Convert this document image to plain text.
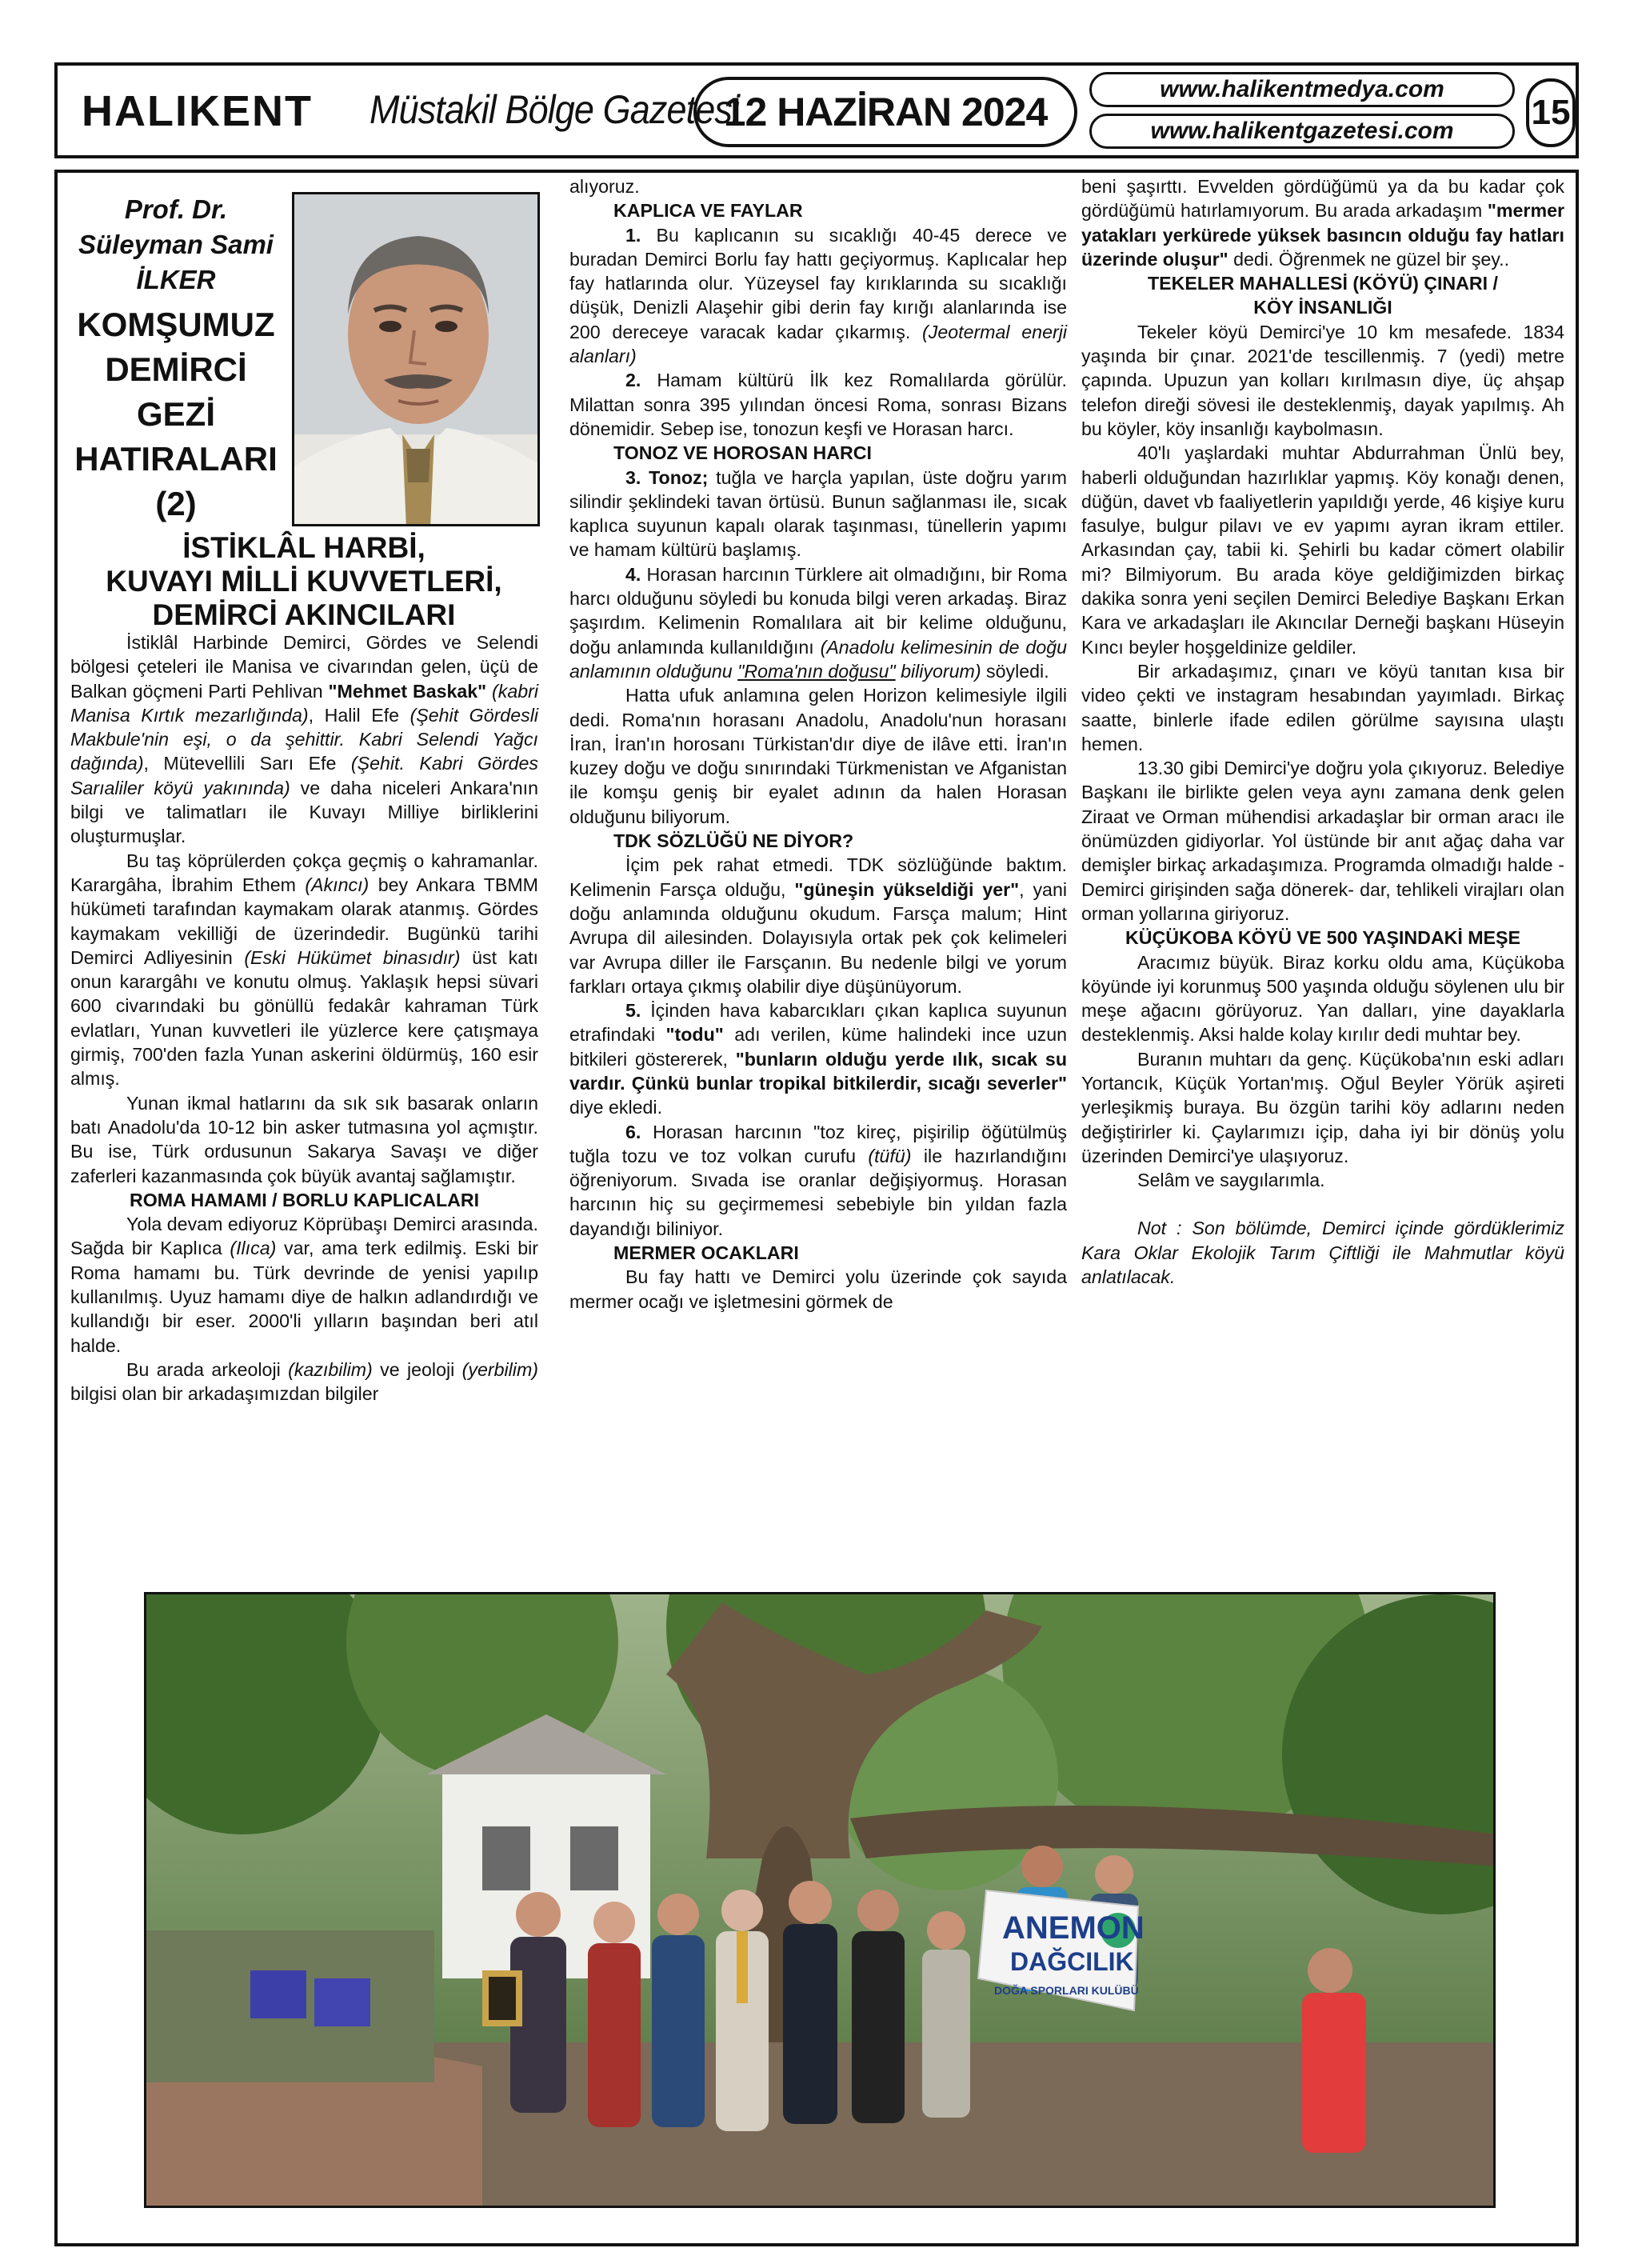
HALIKENT Müstakil Bölge Gazetesi
12 HAZİRAN 2024
www.halikentmedya.com
www.halikentgazetesi.com	15
Prof. Dr.
Süleyman Sami
İLKER
KOMŞUMUZ
DEMİRCİ
GEZİ
HATIRALARI
(2)
İSTİKLÂL HARBİ,
KUVAYI MİLLİ KUVVETLERİ,
DEMİRCİ AKINCILARI

İstiklâl Harbinde Demirci, Gördes ve Selendi bölgesi çeteleri ile Manisa ve civarından gelen, üçü de Balkan göçmeni Parti Pehlivan "Mehmet Baskak" (kabri Manisa Kırtık mezarlığında), Halil Efe (Şehit Gördesli Makbule'nin eşi, o da şehittir. Kabri Selendi Yağcı dağında), Mütevellili Sarı Efe (Şehit. Kabri Gördes Sarıaliler köyü yakınında) ve daha niceleri Ankara'nın bilgi ve talimatları ile Kuvayı Milliye birliklerini oluşturmuşlar.

Bu taş köprülerden çokça geçmiş o kahramanlar. Karargâha, İbrahim Ethem (Akıncı) bey Ankara TBMM hükümeti tarafından kaymakam olarak atanmış. Gördes kaymakam vekilliği de üzerindedir. Bugünkü tarihi Demirci Adliyesinin (Eski Hükümet binasıdır) üst katı onun karargâhı ve konutu olmuş. Yaklaşık hepsi süvari 600 civarındaki bu gönüllü fedakâr kahraman Türk evlatları, Yunan kuvvetleri ile yüzlerce kere çatışmaya girmiş, 700'den fazla Yunan askerini öldürmüş, 160 esir almış.

Yunan ikmal hatlarını da sık sık basarak onların batı Anadolu'da 10-12 bin asker tutmasına yol açmıştır. Bu ise, Türk ordusunun Sakarya Savaşı ve diğer zaferleri kazanmasında çok büyük avantaj sağlamıştır.

ROMA HAMAMI / BORLU KAPLICALARI

Yola devam ediyoruz Köprübaşı Demirci arasında. Sağda bir Kaplıca (Ilıca) var, ama terk edilmiş. Eski bir Roma hamamı bu. Türk devrinde de yenisi yapılıp kullanılmış. Uyuz hamamı diye de halkın adlandırdığı ve kullandığı bir eser. 2000'li yılların başından beri atıl halde.

Bu arada arkeoloji (kazıbilim) ve jeoloji (yerbilim) bilgisi olan bir arkadaşımızdan bilgiler

alıyoruz.

KAPLICA VE FAYLAR

1. Bu kaplıcanın su sıcaklığı 40-45 derece ve buradan Demirci Borlu fay hattı geçiyormuş. Kaplıcalar hep fay hatlarında olur. Yüzeysel fay kırıklarında su sıcaklığı düşük, Denizli Alaşehir gibi derin fay kırığı alanlarında ise 200 dereceye varacak kadar çıkarmış. (Jeotermal enerji alanları)

2. Hamam kültürü İlk kez Romalılarda görülür. Milattan sonra 395 yılından öncesi Roma, sonrası Bizans dönemidir. Sebep ise, tonozun keşfi ve Horasan harcı.

TONOZ VE HOROSAN HARCI

3. Tonoz; tuğla ve harçla yapılan, üste doğru yarım silindir şeklindeki tavan örtüsü. Bunun sağlanması ile, sıcak kaplıca suyunun kapalı olarak taşınması, tünellerin yapımı ve hamam kültürü başlamış.

4. Horasan harcının Türklere ait olmadığını, bir Roma harcı olduğunu söyledi bu konuda bilgi veren arkadaş. Biraz şaşırdım. Kelimenin Romalılara ait bir kelime olduğunu, doğu anlamında kullanıldığını (Anadolu kelimesinin de doğu anlamının olduğunu "Roma'nın doğusu" biliyorum) söyledi.

Hatta ufuk anlamına gelen Horizon kelimesiyle ilgili dedi. Roma'nın horasanı Anadolu, Anadolu'nun horasanı İran, İran'ın horosanı Türkistan'dır diye de ilâve etti. İran'ın kuzey doğu ve doğu sınırındaki Türkmenistan ve Afganistan ile komşu geniş bir eyalet adının da halen Horasan olduğunu biliyorum.

TDK SÖZLÜĞÜ NE DİYOR?

İçim pek rahat etmedi. TDK sözlüğünde baktım. Kelimenin Farsça olduğu, "güneşin yükseldiği yer", yani doğu anlamında olduğunu okudum. Farsça malum; Hint Avrupa dil ailesinden. Dolayısıyla ortak pek çok kelimeleri var Avrupa diller ile Farsçanın. Bu nedenle bilgi ve yorum farkları ortaya çıkmış olabilir diye düşünüyorum.

5. İçinden hava kabarcıkları çıkan kaplıca suyunun etrafindaki "todu" adı verilen, küme halindeki ince uzun bitkileri göstererek, "bunların olduğu yerde ılık, sıcak su vardır. Çünkü bunlar tropikal bitkilerdir, sıcağı severler" diye ekledi.

6. Horasan harcının "toz kireç, pişirilip öğütülmüş tuğla tozu ve toz volkan curufu (tüfü) ile hazırlandığını öğreniyorum. Sıvada ise oranlar değişiyormuş. Horasan harcının hiç su geçirmemesi sebebiyle bin yıldan fazla dayandığı biliniyor.

MERMER OCAKLARI

Bu fay hattı ve Demirci yolu üzerinde çok sayıda mermer ocağı ve işletmesini görmek de

beni şaşırttı. Evvelden gördüğümü ya da bu kadar çok gördüğümü hatırlamıyorum. Bu arada arkadaşım "mermer yatakları yerkürede yüksek basıncın olduğu fay hatları üzerinde oluşur" dedi. Öğrenmek ne güzel bir şey..

TEKELER MAHALLESİ (KÖYÜ) ÇINARI /
KÖY İNSANLIĞI

Tekeler köyü Demirci'ye 10 km mesafede. 1834 yaşında bir çınar. 2021'de tescillenmiş. 7 (yedi) metre çapında. Upuzun yan kolları kırılmasın diye, üç ahşap telefon direği sövesi ile desteklenmiş, dayak yapılmış. Ah bu köyler, köy insanlığı kaybolmasın.

40'lı yaşlardaki muhtar Abdurrahman Ünlü bey, haberli olduğundan hazırlıklar yapmış. Köy konağı denen, düğün, davet vb faaliyetlerin yapıldığı yerde, 46 kişiye kuru fasulye, bulgur pilavı ve ev yapımı ayran ikram ettiler. Arkasından çay, tabii ki. Şehirli bu kadar cömert olabilir mi? Bilmiyorum. Bu arada köye geldiğimizden birkaç dakika sonra yeni seçilen Demirci Belediye Başkanı Erkan Kara ve arkadaşları ile Akıncılar Derneği başkanı Hüseyin Kıncı beyler hoşgeldinize geldiler.

Bir arkadaşımız, çınarı ve köyü tanıtan kısa bir video çekti ve instagram hesabından yayımladı. Birkaç saatte, binlerle ifade edilen görülme sayısına ulaştı hemen.

13.30 gibi Demirci'ye doğru yola çıkıyoruz. Belediye Başkanı ile birlikte gelen veya aynı zamana denk gelen Ziraat ve Orman mühendisi arkadaşlar bir orman aracı ile önümüzden gidiyorlar. Yol üstünde bir anıt ağaç daha var demişler birkaç arkadaşımıza. Programda olmadığı halde -Demirci girişinden sağa dönerek- dar, tehlikeli virajları olan orman yollarına giriyoruz.

KÜÇÜKOBA KÖYÜ VE 500 YAŞINDAKİ MEŞE

Aracımız büyük. Biraz korku oldu ama, Küçükoba köyünde iyi korunmuş 500 yaşında olduğu söylenen ulu bir meşe ağacını görüyoruz. Yan dalları, yine dayaklarla desteklenmiş. Aksi halde kolay kırılır dedi muhtar bey.

Buranın muhtarı da genç. Küçükoba'nın eski adları Yortancık, Küçük Yortan'mış. Oğul Beyler Yörük aşireti yerleşikmiş buraya. Bu özgün tarihi köy adlarını neden değiştirirler ki. Çaylarımızı içip, daha iyi bir dönüş yolu üzerinden Demirci'ye ulaşıyoruz.

Selâm ve saygılarımla.

Not : Son bölümde, Demirci içinde gördüklerimiz Kara Oklar Ekolojik Tarım Çiftliği ile Mahmutlar köyü anlatılacak.

ANEMON
DAĞCILIK
DOĞA SPORLARI KULÜBÜ
